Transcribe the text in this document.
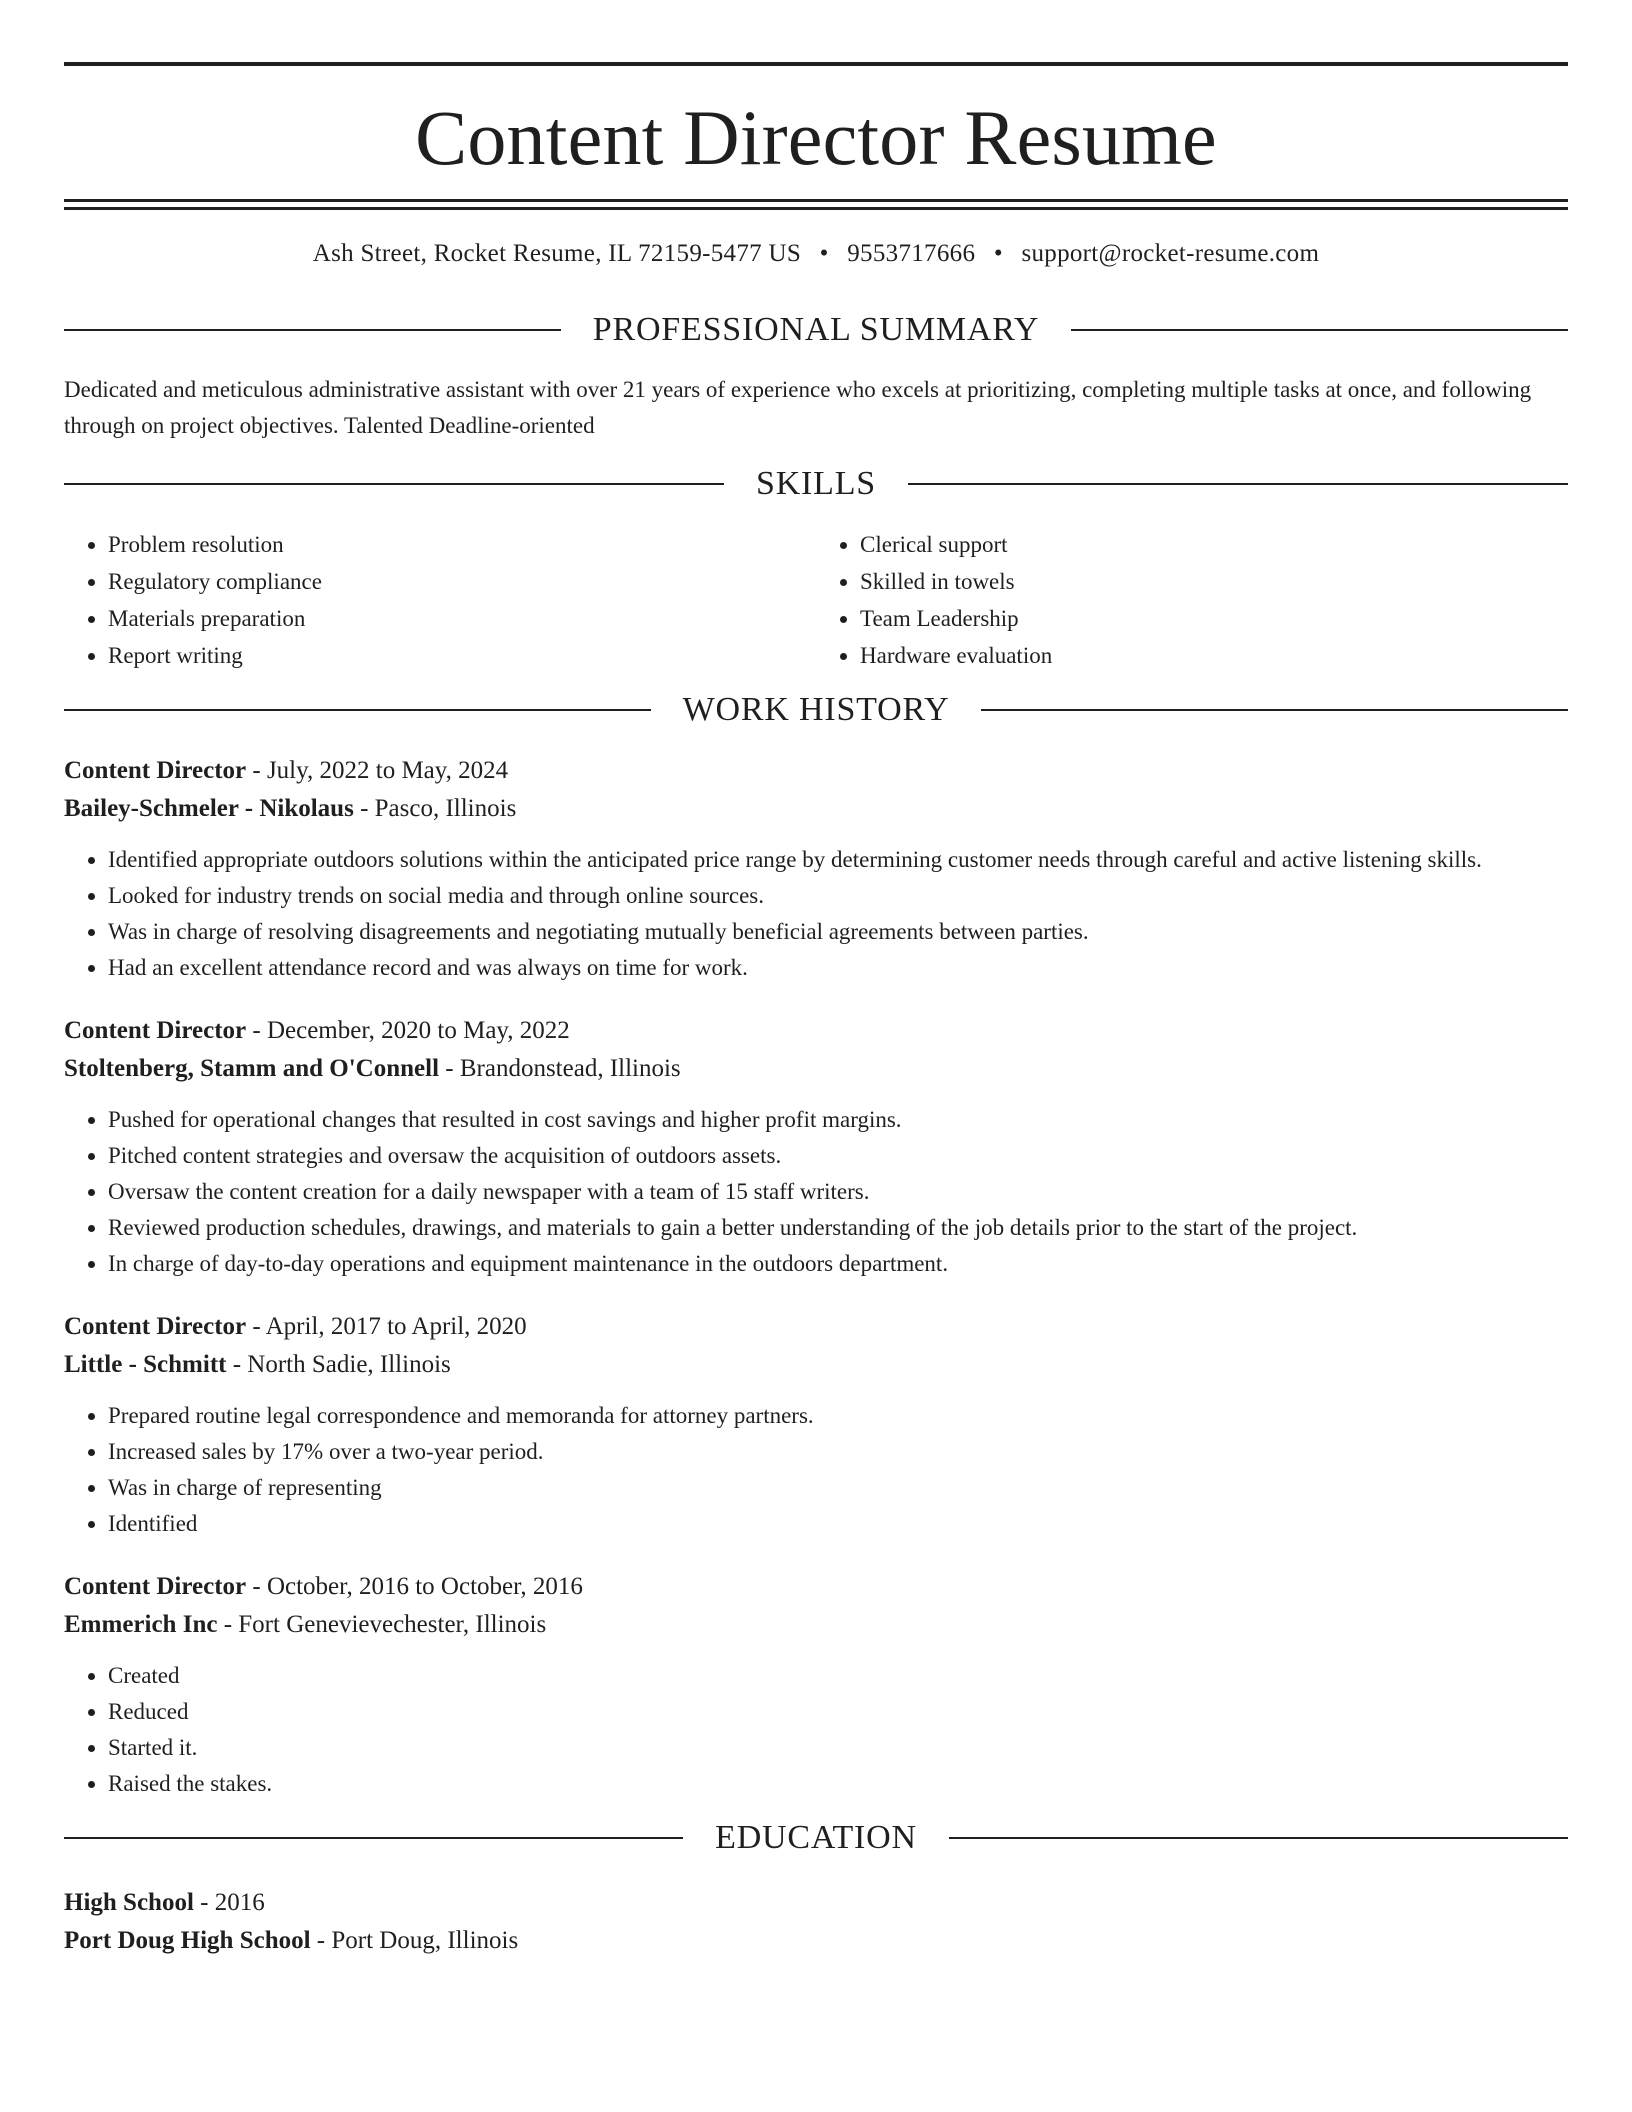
Content Director Resume
Ash Street, Rocket Resume, IL 72159-5477 US • 9553717666 • support@rocket-resume.com
PROFESSIONAL SUMMARY
Dedicated and meticulous administrative assistant with over 21 years of experience who excels at prioritizing, completing multiple tasks at once, and following through on project objectives. Talented Deadline-oriented
SKILLS
• Problem resolution
• Regulatory compliance
• Materials preparation
• Report writing
• Clerical support
• Skilled in towels
• Team Leadership
• Hardware evaluation
WORK HISTORY
Content Director - July, 2022 to May, 2024
Bailey-Schmeler - Nikolaus - Pasco, Illinois
• Identified appropriate outdoors solutions within the anticipated price range by determining customer needs through careful and active listening skills.
• Looked for industry trends on social media and through online sources.
• Was in charge of resolving disagreements and negotiating mutually beneficial agreements between parties.
• Had an excellent attendance record and was always on time for work.
Content Director - December, 2020 to May, 2022
Stoltenberg, Stamm and O'Connell - Brandonstead, Illinois
• Pushed for operational changes that resulted in cost savings and higher profit margins.
• Pitched content strategies and oversaw the acquisition of outdoors assets.
• Oversaw the content creation for a daily newspaper with a team of 15 staff writers.
• Reviewed production schedules, drawings, and materials to gain a better understanding of the job details prior to the start of the project.
• In charge of day-to-day operations and equipment maintenance in the outdoors department.
Content Director - April, 2017 to April, 2020
Little - Schmitt - North Sadie, Illinois
• Prepared routine legal correspondence and memoranda for attorney partners.
• Increased sales by 17% over a two-year period.
• Was in charge of representing
• Identified
Content Director - October, 2016 to October, 2016
Emmerich Inc - Fort Genevievechester, Illinois
• Created
• Reduced
• Started it.
• Raised the stakes.
EDUCATION
High School - 2016
Port Doug High School - Port Doug, Illinois
